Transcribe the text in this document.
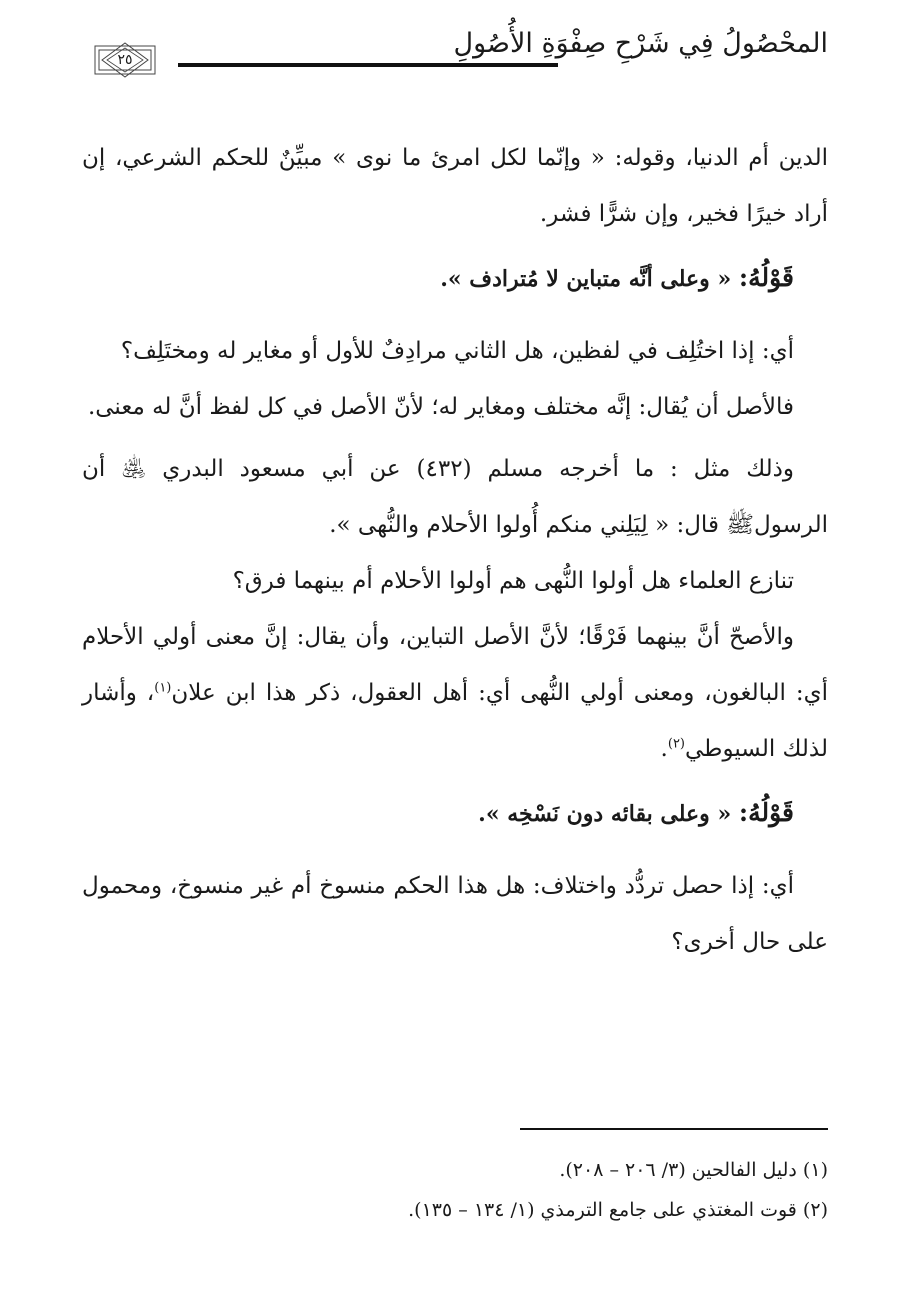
المحْصُولُ فِي شَرْحِ صِفْوَةِ الأُصُولِ
٢٥

الدين أم الدنيا، وقوله: « وإنّما لكل امرئ ما نوى » مبيِّنٌ للحكم الشرعي، إن أراد خيرًا فخير، وإن شرًّا فشر.

قَوْلُهُ: « وعلى أنَّه متباين لا مُترادف ».

أي: إذا اختُلِف في لفظين، هل الثاني مرادِفٌ للأول أو مغاير له ومختَلِف؟

فالأصل أن يُقال: إنَّه مختلف ومغاير له؛ لأنّ الأصل في كل لفظ أنَّ له معنى.

وذلك مثل : ما أخرجه مسلم (٤٣٢) عن أبي مسعود البدري ﵁ أن الرسولﷺ قال: « لِيَلِني منكم أُولوا الأحلام والنُّهى ».

تنازع العلماء هل أولوا النُّهى هم أولوا الأحلام أم بينهما فرق؟

والأصحّ أنَّ بينهما فَرْقًا؛ لأنَّ الأصل التباين، وأن يقال: إنَّ معنى أولي الأحلام أي: البالغون، ومعنى أولي النُّهى أي: أهل العقول، ذكر هذا ابن علان$^{(١)}$، وأشار لذلك السيوطي$^{(٢)}$.

قَوْلُهُ: « وعلى بقائه دون نَسْخِه ».

أي: إذا حصل تردُّد واختلاف: هل هذا الحكم منسوخ أم غير منسوخ، ومحمول على حال أخرى؟

(١) دليل الفالحين (٣/ ٢٠٦ – ٢٠٨).

(٢) قوت المغتذي على جامع الترمذي (١/ ١٣٤ – ١٣٥).
